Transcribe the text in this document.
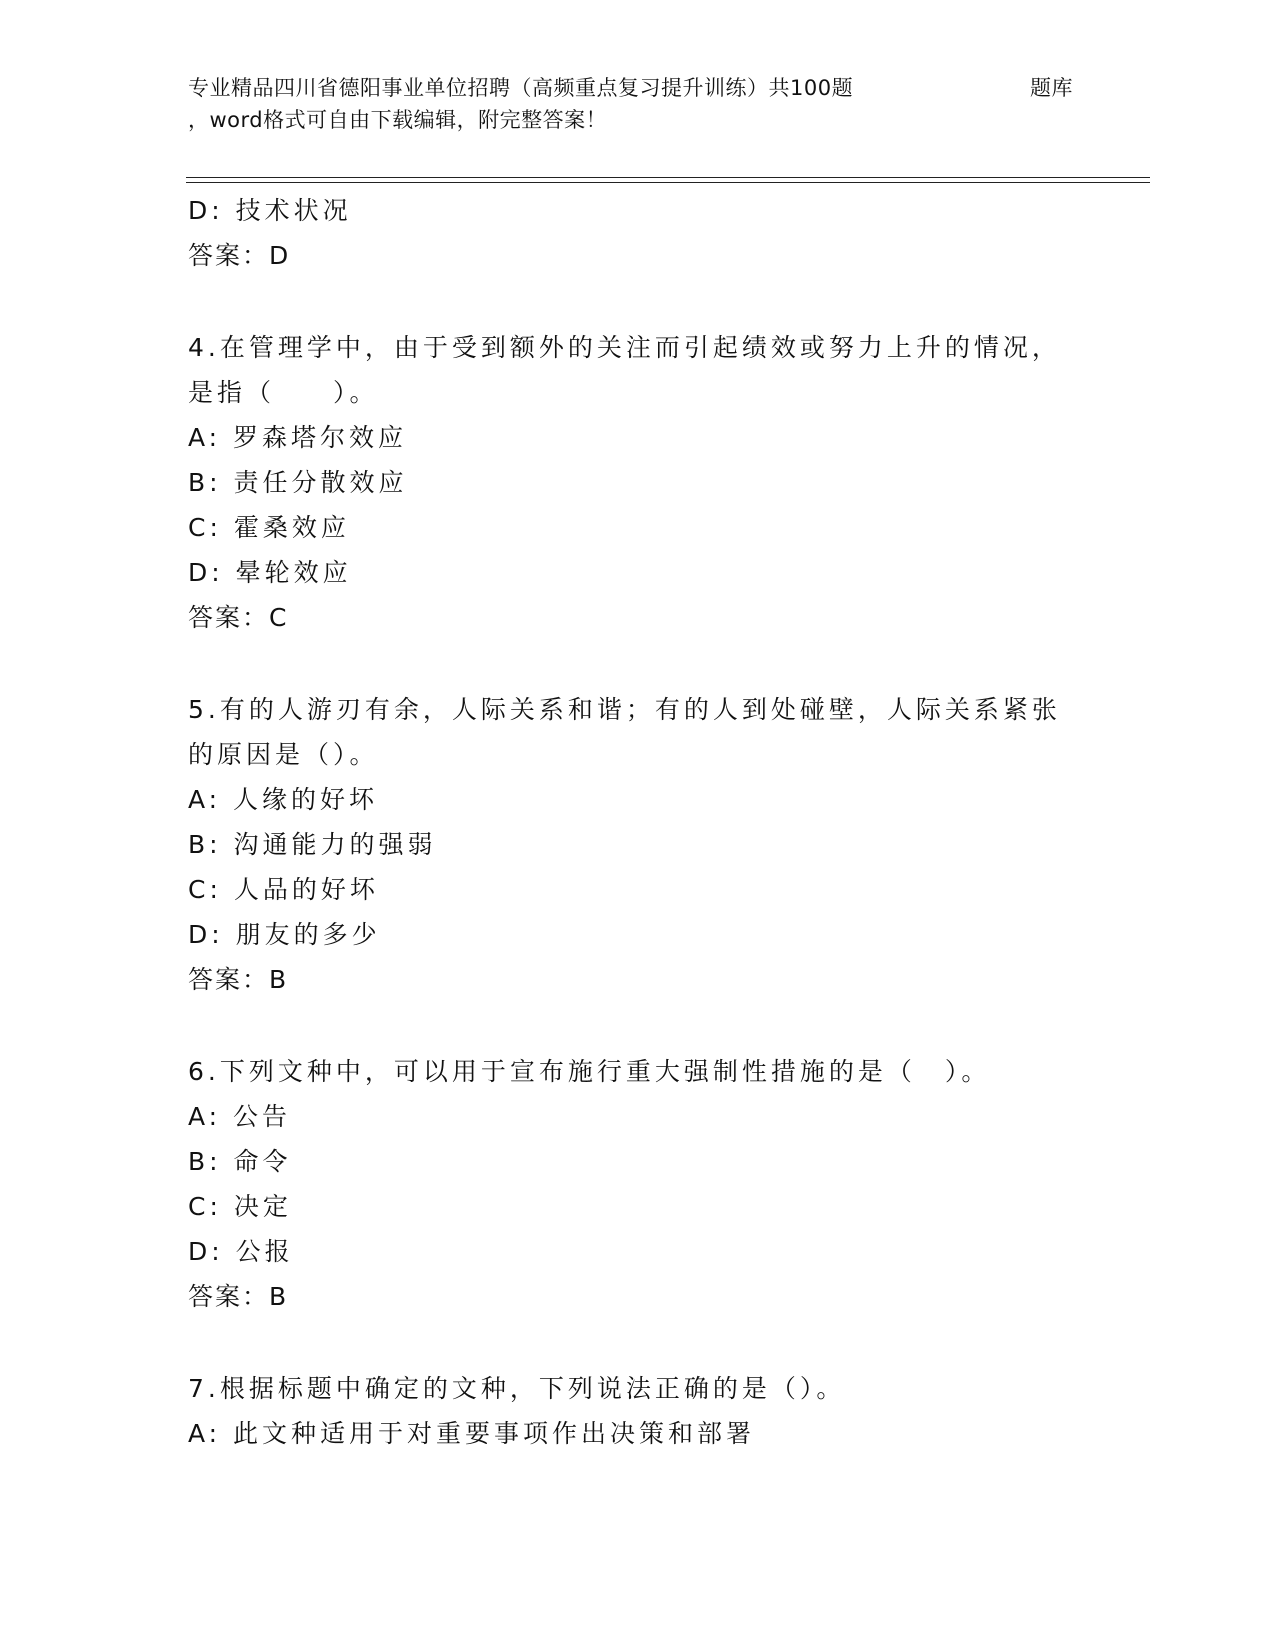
专业精品四川省德阳事业单位招聘（高频重点复习提升训练）共100题	题库
，word格式可自由下载编辑，附完整答案！
D: 技术状况
答案：D
4.在管理学中，由于受到额外的关注而引起绩效或努力上升的情况，
是指（　　）。
A: 罗森塔尔效应
B: 责任分散效应
C: 霍桑效应
D: 晕轮效应
答案：C
5.有的人游刃有余，人际关系和谐；有的人到处碰壁，人际关系紧张
的原因是（）。
A: 人缘的好坏
B: 沟通能力的强弱
C: 人品的好坏
D: 朋友的多少
答案：B
6.下列文种中，可以用于宣布施行重大强制性措施的是（　）。
A: 公告
B: 命令
C: 决定
D: 公报
答案：B
7.根据标题中确定的文种，下列说法正确的是（）。
A: 此文种适用于对重要事项作出决策和部署
